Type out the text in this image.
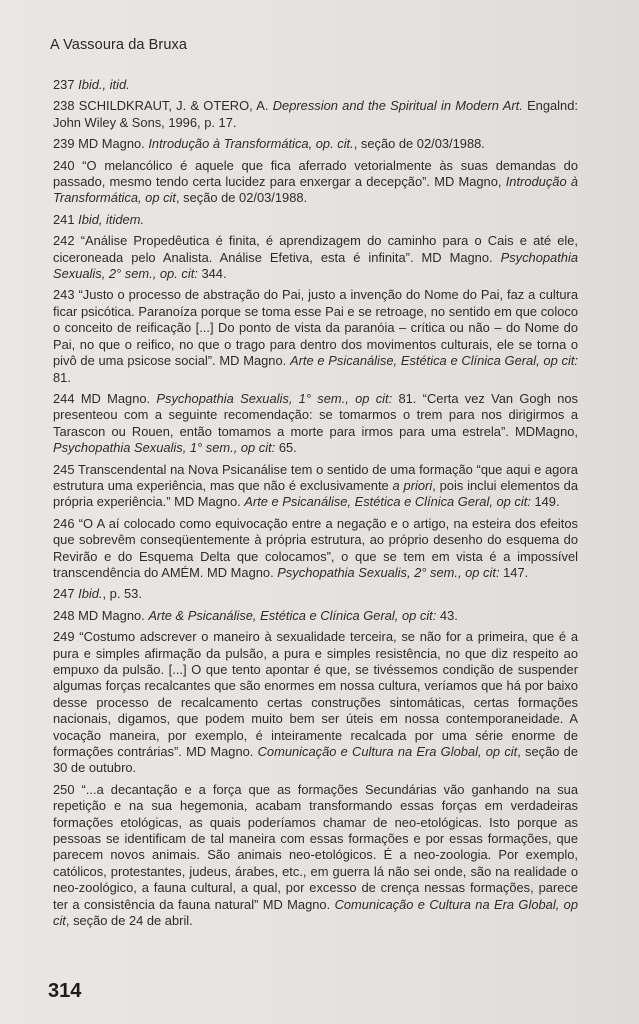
A Vassoura da Bruxa

237 Ibid., itid.

238 SCHILDKRAUT, J. & OTERO, A. Depression and the Spiritual in Modern Art. Engalnd: John Wiley & Sons, 1996, p. 17.

239 MD Magno. Introdução à Transformática, op. cit., seção de 02/03/1988.

240 “O melancólico é aquele que fica aferrado vetorialmente às suas demandas do passado, mesmo tendo certa lucidez para enxergar a decepção”. MD Magno, Introdução à Transformática, op cit, seção de 02/03/1988.

241 Ibid, itidem.

242 “Análise Propedêutica é finita, é aprendizagem do caminho para o Cais e até ele, ciceroneada pelo Analista. Análise Efetiva, esta é infinita”. MD Magno. Psychopathia Sexualis, 2° sem., op. cit: 344.

243 “Justo o processo de abstração do Pai, justo a invenção do Nome do Pai, faz a cultura ficar psicótica. Paranoíza porque se toma esse Pai e se retroage, no sentido em que coloco o conceito de reificação [...] Do ponto de vista da paranóia – crítica ou não – do Nome do Pai, no que o reifico, no que o trago para dentro dos movimentos culturais, ele se torna o pivô de uma psicose social”. MD Magno. Arte e Psicanálise, Estética e Clínica Geral, op cit: 81.

244 MD Magno. Psychopathia Sexualis, 1° sem., op cit: 81. “Certa vez Van Gogh nos presenteou com a seguinte recomendação: se tomarmos o trem para nos dirigirmos a Tarascon ou Rouen, então tomamos a morte para irmos para uma estrela”. MDMagno, Psychopathia Sexualis, 1° sem., op cit: 65.

245 Transcendental na Nova Psicanálise tem o sentido de uma formação “que aqui e agora estrutura uma experiência, mas que não é exclusivamente a priori, pois inclui elementos da própria experiência.” MD Magno. Arte e Psicanálise, Estética e Clínica Geral, op cit: 149.

246 “O A aí colocado como equivocação entre a negação e o artigo, na esteira dos efeitos que sobrevêm conseqüentemente à própria estrutura, ao próprio desenho do esquema do Revirão e do Esquema Delta que colocamos”, o que se tem em vista é a impossível transcendência do AMÉM. MD Magno. Psychopathia Sexualis, 2° sem., op cit: 147.

247 Ibid., p. 53.

248 MD Magno. Arte & Psicanálise, Estética e Clínica Geral, op cit: 43.

249 “Costumo adscrever o maneiro à sexualidade terceira, se não for a primeira, que é a pura e simples afirmação da pulsão, a pura e simples resistência, no que diz respeito ao empuxo da pulsão. [...] O que tento apontar é que, se tivéssemos condição de suspender algumas forças recalcantes que são enormes em nossa cultura, veríamos que há por baixo desse processo de recalcamento certas construções sintomáticas, certas formações nacionais, digamos, que podem muito bem ser úteis em nossa contemporaneidade. A vocação maneira, por exemplo, é inteiramente recalcada por uma série enorme de formações contrárias”. MD Magno. Comunicação e Cultura na Era Global, op cit, seção de 30 de outubro.

250 “...a decantação e a força que as formações Secundárias vão ganhando na sua repetição e na sua hegemonia, acabam transformando essas forças em verdadeiras formações etológicas, as quais poderíamos chamar de neo-etológicas. Isto porque as pessoas se identificam de tal maneira com essas formações e por essas formações, que parecem novos animais. São animais neo-etológicos. É a neo-zoologia. Por exemplo, católicos, protestantes, judeus, árabes, etc., em guerra lá não sei onde, são na realidade o neo-zoológico, a fauna cultural, a qual, por excesso de crença nessas formações, parece ter a consistência da fauna natural” MD Magno. Comunicação e Cultura na Era Global, op cit, seção de 24 de abril.

314
